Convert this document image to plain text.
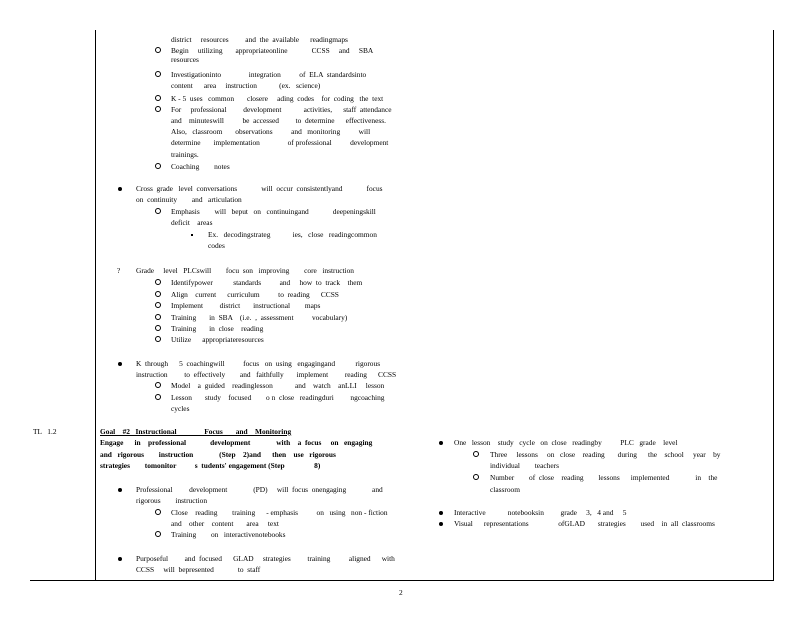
district     resources         and  the  available      readingmaps
Begin     utilizing       appropriateonline             CCSS     and     SBA
resources
Investigationinto               integration          of  ELA  standardsinto
content      area     instruction            (ex.   science)
K - 5  uses   common       closere     ading  codes    for  coding   the  text
For     professional         development            activities,      staff  attendance
and    minuteswill          be  accessed         to  determine      effectiveness.
Also,   classroom       observations          and   monitoring          will
determine       implementation               of professional          development
trainings.
Coaching        notes
Cross  grade   level  conversations             will  occur  consistentlyand             focus
on  continuity        and   articulation
Emphasis        will   beput   on   continuingand             deepeningskill
deficit    areas
Ex.   decodingstrateg            ies,   close   readingcommon
codes
? Grade     level   PLCswill        focu  son   improving        core   instruction
Identifypower           standards          and     how  to  track    them
Align    current      curriculum          to  reading      CCSS
Implement         district       instructional        maps
Training       in  SBA    (i.e.  ,  assessment          vocabulary)
Training       in  close    reading
Utilize      appropriateresources
K  through      5  coachingwill          focus   on  using   engagingand           rigorous
instruction         to  effectively        and   faithfully       implement         reading      CCSS
Model    a  guided    readinglesson            and    watch    anLLI     lesson
Lesson       study    focused        o n  close   readingduri         ngcoaching
cycles
TL   1.2	Goal    #2   Instructional               Focus       and    Monitoring
Engage      in    professional             development              with    a  focus     on   engaging
and   rigorous        instruction              (Step    2)and      then    use   rigorous
strategies        tomonitor          s  tudents' engagement (Step                8)
Professional         development              (PD)     will  focus  onengaging              and
rigorous        instruction
Close    reading        training      - emphasis          on   using   non - fiction
and    other    content       area     text
Training        on   interactivenotebooks
Purposeful         and  focused      GLAD     strategies         training          aligned      with
CCSS     will  bepresented             to  staff
One   lesson    study   cycle   on  close   readingby          PLC   grade    level
Three     lessons     on   close    reading       during      the    school     year    by
individual        teachers
Number        of  close    reading        lessons      implemented              in    the
classroom
Interactive            notebooksin         grade     3,   4 and     5
Visual      representations                ofGLAD       strategies        used    in  all  classrooms
2
